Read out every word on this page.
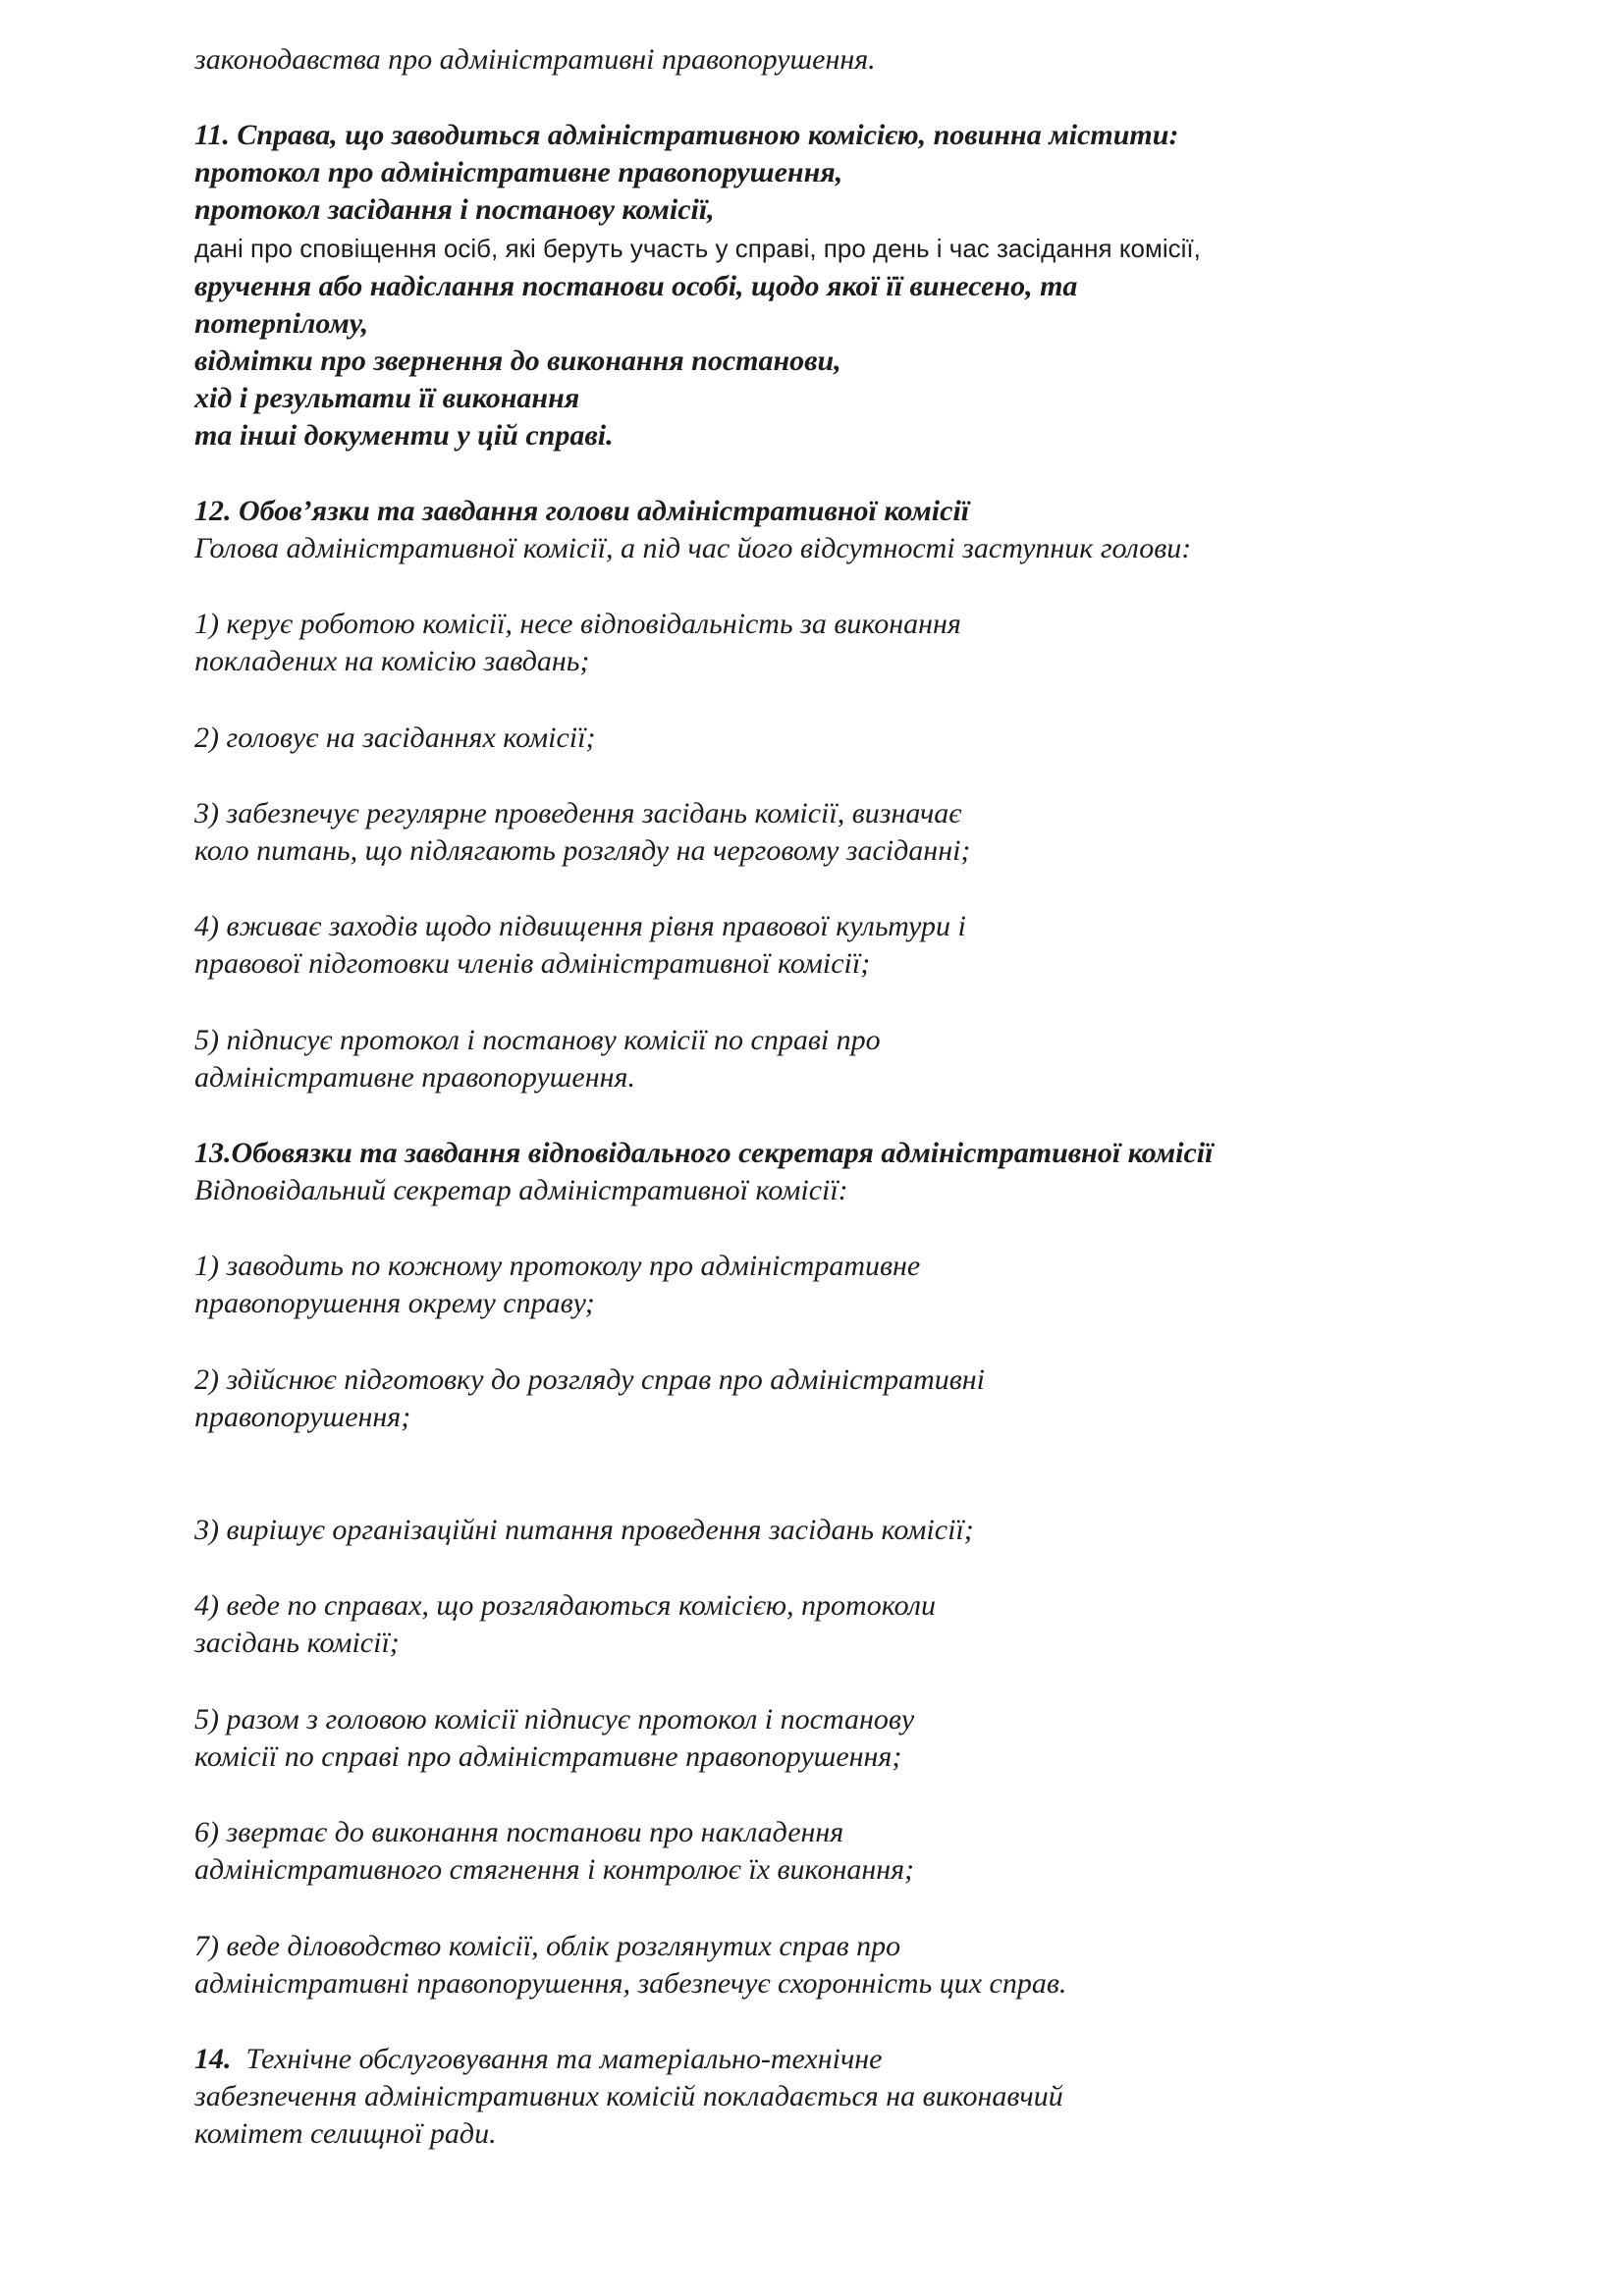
законодавства про адміністративні правопорушення.
11. Справа, що заводиться адміністративною комісією, повинна містити:
протокол про адміністративне правопорушення,
протокол засідання і постанову комісії,
дані про сповіщення осіб, які беруть участь у справі, про день і час засідання комісії,
вручення або надіслання постанови особі, щодо якої її винесено, та
потерпілому,
відмітки про звернення до виконання постанови,
хід і результати її виконання
та інші документи у цій справі.
12. Обов’язки та завдання голови адміністративної комісії
Голова адміністративної комісії, а під час його відсутності заступник голови:
1) керує роботою комісії, несе відповідальність за виконання
покладених на комісію завдань;
2) головує на засіданнях комісії;
3) забезпечує регулярне проведення засідань комісії, визначає
коло питань, що підлягають розгляду на черговому засіданні;
4) вживає заходів щодо підвищення рівня правової культури і
правової підготовки членів адміністративної комісії;
5) підписує протокол і постанову комісії по справі про
адміністративне правопорушення.
13.Обовязки та завдання відповідального секретаря адміністративної комісії
Відповідальний секретар адміністративної комісії:
1) заводить по кожному протоколу про адміністративне
правопорушення окрему справу;
2) здійснює підготовку до розгляду справ про адміністративні
правопорушення;
3) вирішує організаційні питання проведення засідань комісії;
4) веде по справах, що розглядаються комісією, протоколи
засідань комісії;
5) разом з головою комісії підписує протокол і постанову
комісії по справі про адміністративне правопорушення;
6) звертає до виконання постанови про накладення
адміністративного стягнення і контролює їх виконання;
7) веде діловодство комісії, облік розглянутих справ про
адміністративні правопорушення, забезпечує схоронність цих справ.
14. Технічне обслуговування та матеріально-технічне
забезпечення адміністративних комісій покладається на виконавчий
комітет селищної ради.
